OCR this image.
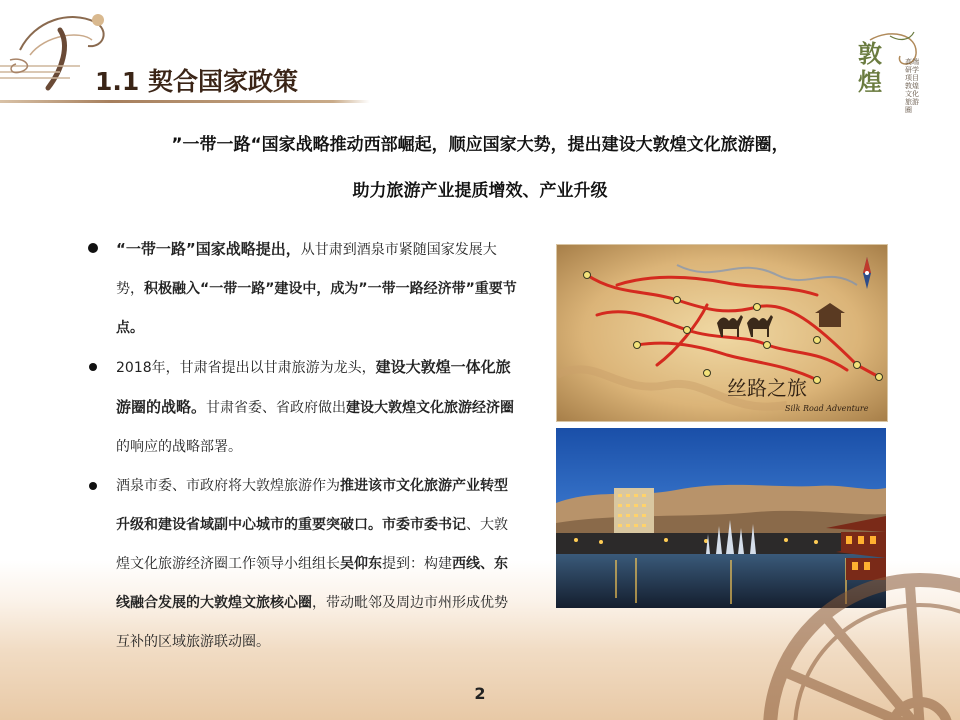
1.1 契合国家政策
敦煌
高端研学项目敦煌文化旅游圈
”一带一路“国家战略推动西部崛起，顺应国家大势，提出建设大敦煌文化旅游圈，
助力旅游产业提质增效、产业升级
“一带一路”国家战略提出，从甘肃到酒泉市紧随国家发展大势，积极融入“一带一路”建设中，成为”一带一路经济带”重要节点。
2018年，甘肃省提出以甘肃旅游为龙头，建设大敦煌一体化旅游圈的战略。甘肃省委、省政府做出建设大敦煌文化旅游经济圈的响应的战略部署。
酒泉市委、市政府将大敦煌旅游作为推进该市文化旅游产业转型升级和建设省域副中心城市的重要突破口。市委市委书记、大敦煌文化旅游经济圈工作领导小组组长吴仰东提到：构建西线、东线融合发展的大敦煌文旅核心圈，带动毗邻及周边市州形成优势互补的区域旅游联动圈。
丝路之旅
Silk Road Adventure
2
